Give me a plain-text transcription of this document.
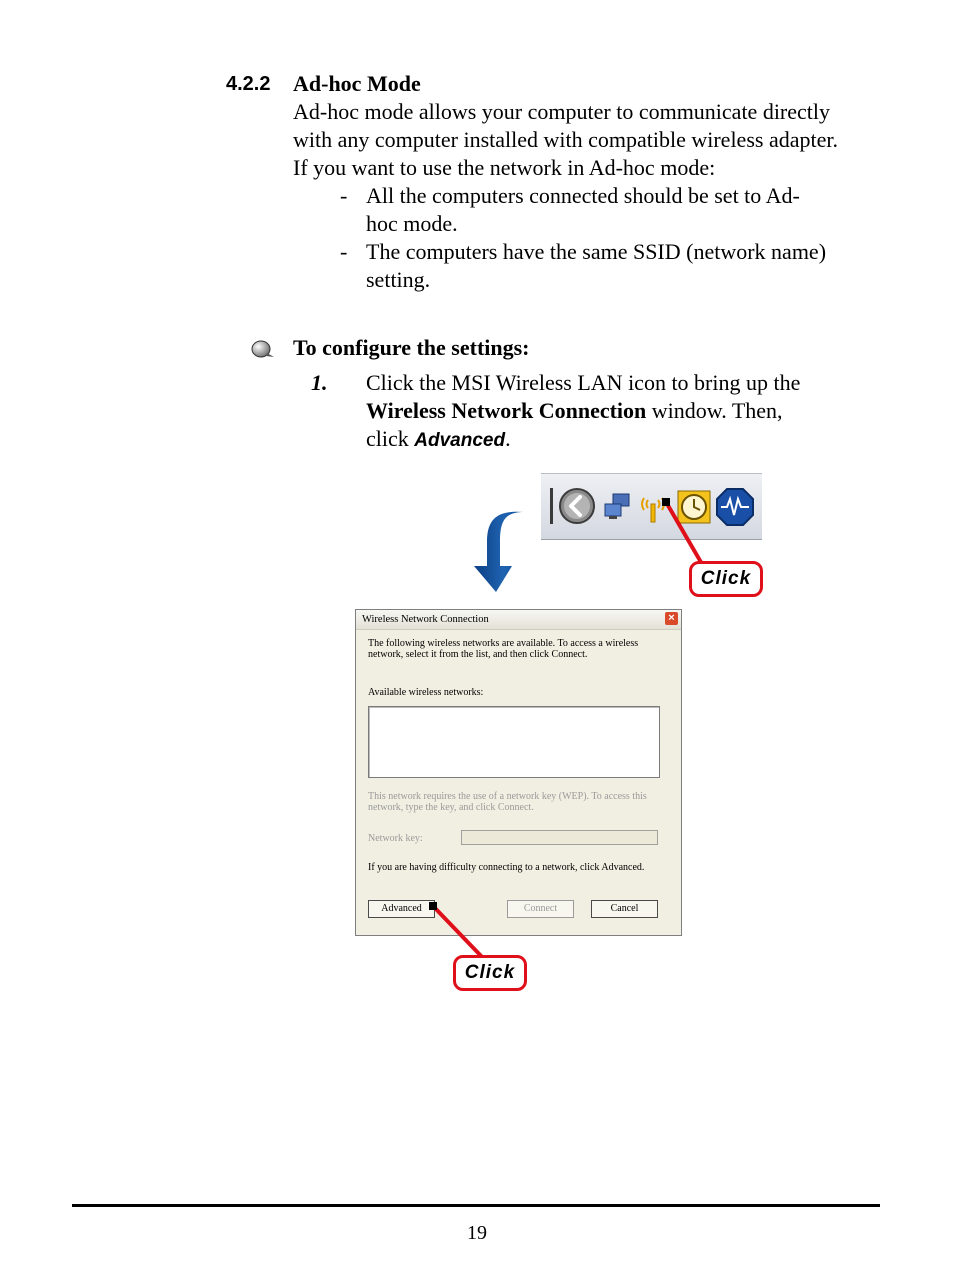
4.2.2 Ad-hoc Mode
Ad-hoc mode allows your computer to communicate directly
with any computer installed with compatible wireless adapter.
If you want to use the network in Ad-hoc mode:
- All the computers connected should be set to Ad-
hoc mode.
- The computers have the same SSID (network name)
setting.
To configure the settings:
1. Click the MSI Wireless LAN icon to bring up the
Wireless Network Connection window. Then,
click Advanced.
Click
Wireless Network Connection	×
The following wireless networks are available. To access a wireless
network, select it from the list, and then click Connect.
Available wireless networks:
This network requires the use of a network key (WEP). To access this
network, type the key, and click Connect.
Network key:
If you are having difficulty connecting to a network, click Advanced.
Advanced	Connect	Cancel
Click
19
